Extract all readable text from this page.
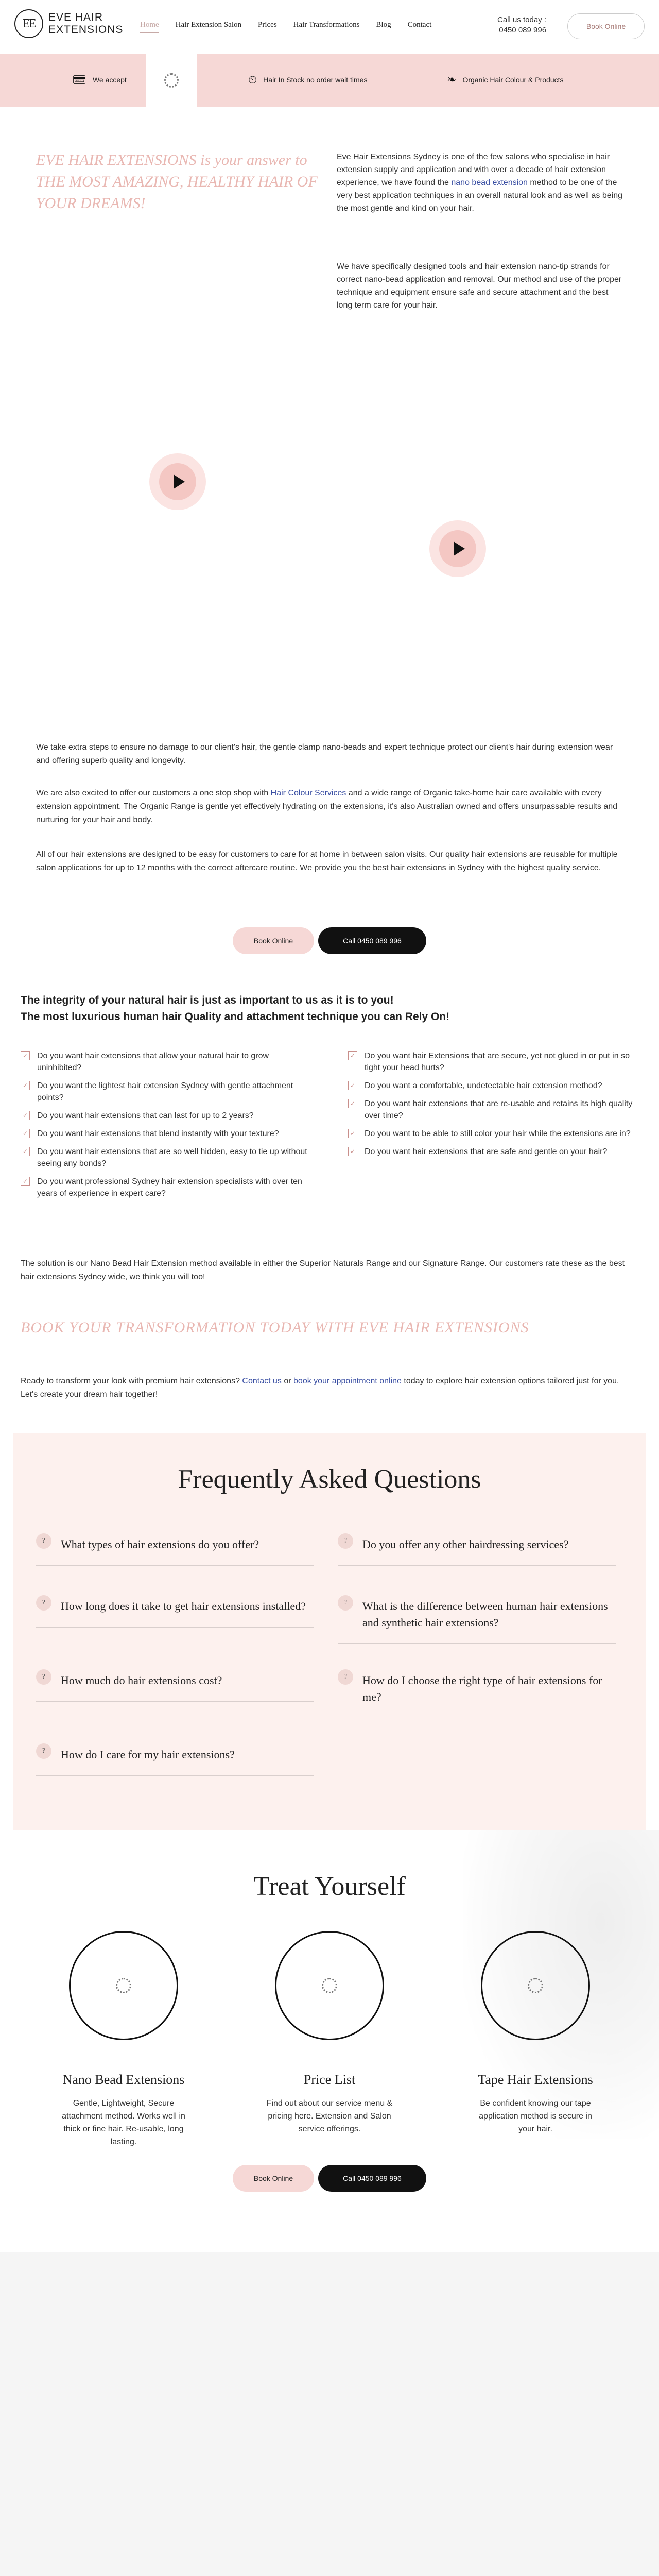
EE	EVE HAIR
EXTENSIONS Home Hair Extension Salon Prices Hair Transformations Blog Contact
Call us today :
0450 089 996	Book Online
💳︎ We accept	⏲ Hair In Stock no order wait times	❧ Organic Hair Colour & Products
EVE HAIR EXTENSIONS is your answer to THE MOST AMAZING, HEALTHY HAIR OF YOUR DREAMS!
Eve Hair Extensions Sydney is one of the few salons who specialise in hair extension supply and application and with over a decade of hair extension experience, we have found the nano bead extension method to be one of the very best application techniques in an overall natural look and as well as being the most gentle and kind on your hair.
We have specifically designed tools and hair extension nano-tip strands for correct nano-bead application and removal. Our method and use of the proper technique and equipment ensure safe and secure attachment and the best long term care for your hair.
We take extra steps to ensure no damage to our client's hair, the gentle clamp nano-beads and expert technique protect our client's hair during extension wear and offering superb quality and longevity.
We are also excited to offer our customers a one stop shop with Hair Colour Services and a wide range of Organic take-home hair care available with every extension appointment. The Organic Range is gentle yet effectively hydrating on the extensions, it's also Australian owned and offers unsurpassable results and nurturing for your hair and body.
All of our hair extensions are designed to be easy for customers to care for at home in between salon visits. Our quality hair extensions are reusable for multiple salon applications for up to 12 months with the correct aftercare routine. We provide you the best hair extensions in Sydney with the highest quality service.
Book Online	Call 0450 089 996
The integrity of your natural hair is just as important to us as it is to you!
The most luxurious human hair Quality and attachment technique you can Rely On!
✓ Do you want hair extensions that allow your natural hair to grow uninhibited?
✓ Do you want the lightest hair extension Sydney with gentle attachment points?
✓ Do you want hair extensions that can last for up to 2 years?
✓ Do you want hair extensions that blend instantly with your texture?
✓ Do you want hair extensions that are so well hidden, easy to tie up without seeing any bonds?
✓ Do you want professional Sydney hair extension specialists with over ten years of experience in expert care?
✓ Do you want hair Extensions that are secure, yet not glued in or put in so tight your head hurts?
✓ Do you want a comfortable, undetectable hair extension method?
✓ Do you want hair extensions that are re-usable and retains its high quality over time?
✓ Do you want to be able to still color your hair while the extensions are in?
✓ Do you want hair extensions that are safe and gentle on your hair?
The solution is our Nano Bead Hair Extension method available in either the Superior Naturals Range and our Signature Range. Our customers rate these as the best hair extensions Sydney wide, we think you will too!
BOOK YOUR TRANSFORMATION TODAY WITH EVE HAIR EXTENSIONS
Ready to transform your look with premium hair extensions? Contact us or book your appointment online today to explore hair extension options tailored just for you. Let's create your dream hair together!
Frequently Asked Questions
?	What types of hair extensions do you offer?
?	How long does it take to get hair extensions installed?
?	How much do hair extensions cost?
?	How do I care for my hair extensions?
?	Do you offer any other hairdressing services?
?	What is the difference between human hair extensions and synthetic hair extensions?
?	How do I choose the right type of hair extensions for me?
Treat Yourself
Nano Bead Extensions
Gentle, Lightweight, Secure attachment method. Works well in thick or fine hair. Re-usable, long lasting.
Price List
Find out about our service menu & pricing here. Extension and Salon service offerings.
Tape Hair Extensions
Be confident knowing our tape application method is secure in your hair.
Book Online	Call 0450 089 996
